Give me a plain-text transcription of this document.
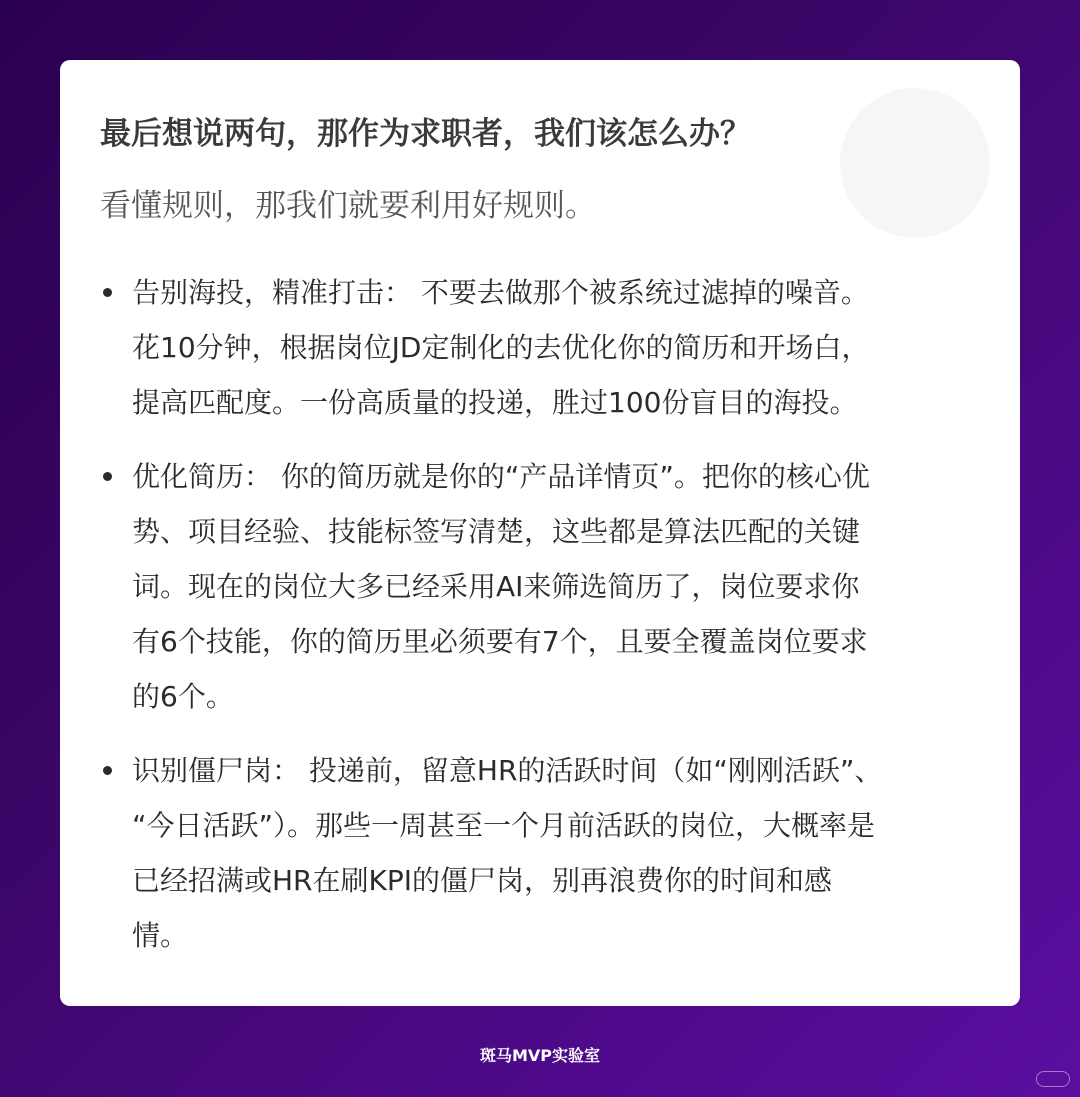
最后想说两句，那作为求职者，我们该怎么办？

看懂规则，那我们就要利用好规则。

告别海投，精准打击： 不要去做那个被系统过滤掉的噪音。
花10分钟，根据岗位JD定制化的去优化你的简历和开场白，
提高匹配度。一份高质量的投递，胜过100份盲目的海投。
优化简历： 你的简历就是你的“产品详情页”。把你的核心优
势、项目经验、技能标签写清楚，这些都是算法匹配的关键
词。现在的岗位大多已经采用AI来筛选简历了，岗位要求你
有6个技能，你的简历里必须要有7个，且要全覆盖岗位要求
的6个。
识别僵尸岗： 投递前，留意HR的活跃时间（如“刚刚活跃”、
“今日活跃”）。那些一周甚至一个月前活跃的岗位，大概率是
已经招满或HR在刷KPI的僵尸岗，别再浪费你的时间和感
情。
斑马MVP实验室
